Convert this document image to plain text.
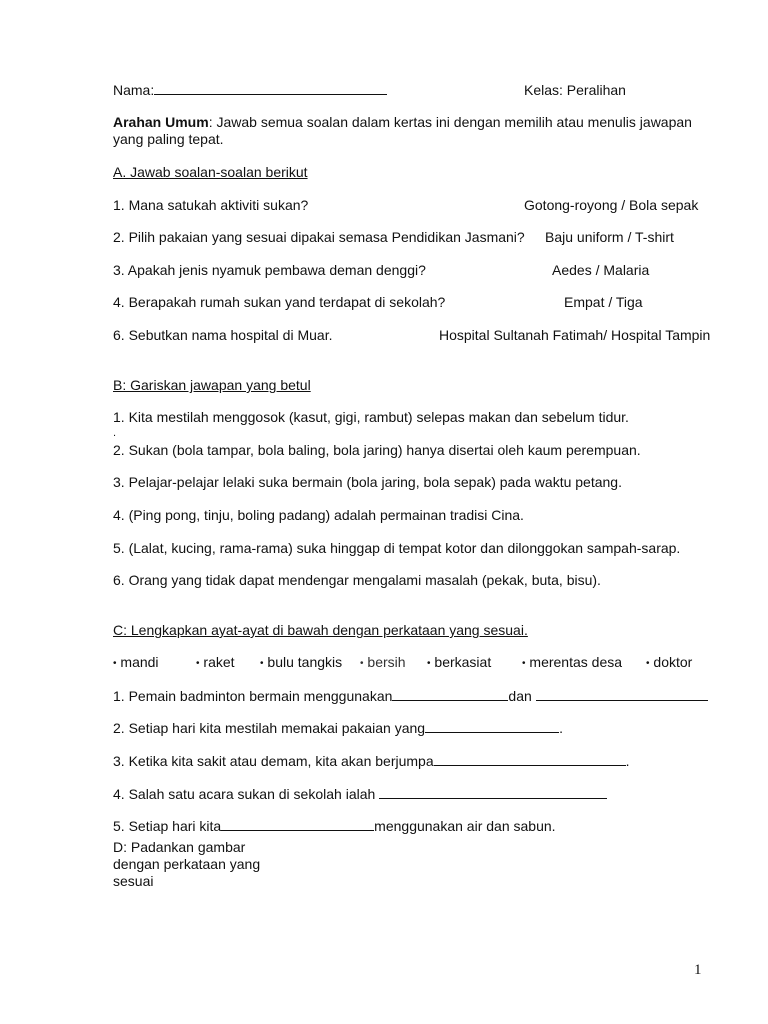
Nama:	Kelas: Peralihan
Arahan Umum: Jawab semua soalan dalam kertas ini dengan memilih atau menulis jawapan yang paling tepat.
A. Jawab soalan-soalan berikut
1. Mana satukah aktiviti sukan?	Gotong-royong / Bola sepak
2. Pilih pakaian yang sesuai dipakai semasa Pendidikan Jasmani? Baju uniform / T-shirt
3. Apakah jenis nyamuk pembawa deman denggi?	Aedes / Malaria
4. Berapakah rumah sukan yand terdapat di sekolah?	Empat / Tiga
6. Sebutkan nama hospital di Muar.	Hospital Sultanah Fatimah/ Hospital Tampin
B: Gariskan jawapan yang betul
1. Kita mestilah menggosok (kasut, gigi, rambut) selepas makan dan sebelum tidur.
.
2. Sukan (bola tampar, bola baling, bola jaring) hanya disertai oleh kaum perempuan.
3. Pelajar-pelajar lelaki suka bermain (bola jaring, bola sepak) pada waktu petang.
4. (Ping pong, tinju, boling padang) adalah permainan tradisi Cina.
5. (Lalat, kucing, rama-rama) suka hinggap di tempat kotor dan dilonggokan sampah-sarap.
6. Orang yang tidak dapat mendengar mengalami masalah (pekak, buta, bisu).
C: Lengkapkan ayat-ayat di bawah dengan perkataan yang sesuai.
• mandi	• raket	• bulu tangkis • bersih • berkasiat	• merentas desa • doktor
1. Pemain badminton bermain menggunakan	dan
2. Setiap hari kita mestilah memakai pakaian yang	.
3. Ketika kita sakit atau demam, kita akan berjumpa	.
4. Salah satu acara sukan di sekolah ialah
5. Setiap hari kita	menggunakan air dan sabun.
D: Padankan gambar
dengan perkataan yang
sesuai
1
